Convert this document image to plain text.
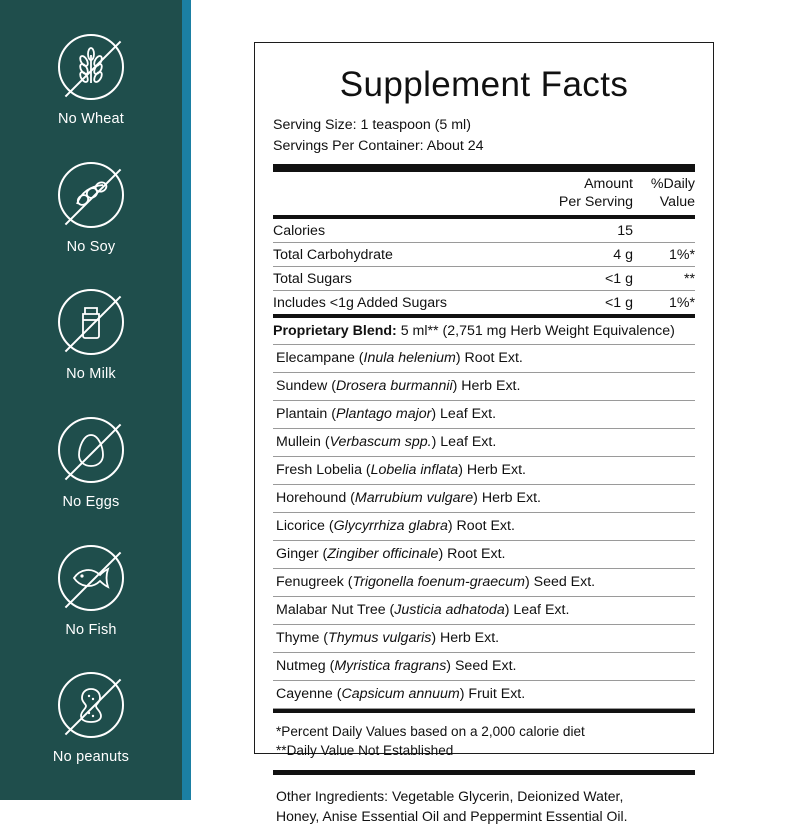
No Wheat
No Soy
No Milk
No Eggs
No Fish
No peanuts
Supplement Facts
Serving Size: 1 teaspoon (5 ml)
Servings Per Container: About 24

Amount
Per Serving

%Daily
Value
Calories	15	
Total Carbohydrate	4 g	1%*
Total Sugars	<1 g	**
Includes <1g Added Sugars	<1 g	1%*
Proprietary Blend: 5 ml** (2,751 mg Herb Weight Equivalence)
Elecampane (Inula helenium) Root Ext.
Sundew (Drosera burmannii) Herb Ext.
Plantain (Plantago major) Leaf Ext.
Mullein (Verbascum spp.) Leaf Ext.
Fresh Lobelia (Lobelia inflata) Herb Ext.
Horehound (Marrubium vulgare) Herb Ext.
Licorice (Glycyrrhiza glabra) Root Ext.
Ginger (Zingiber officinale) Root Ext.
Fenugreek (Trigonella foenum-graecum) Seed Ext.
Malabar Nut Tree (Justicia adhatoda) Leaf Ext.
Thyme (Thymus vulgaris) Herb Ext.
Nutmeg (Myristica fragrans) Seed Ext.
Cayenne (Capsicum annuum) Fruit Ext.
*Percent Daily Values based on a 2,000 calorie diet
**Daily Value Not Established
Other Ingredients: Vegetable Glycerin, Deionized Water,
Honey, Anise Essential Oil and Peppermint Essential Oil.
